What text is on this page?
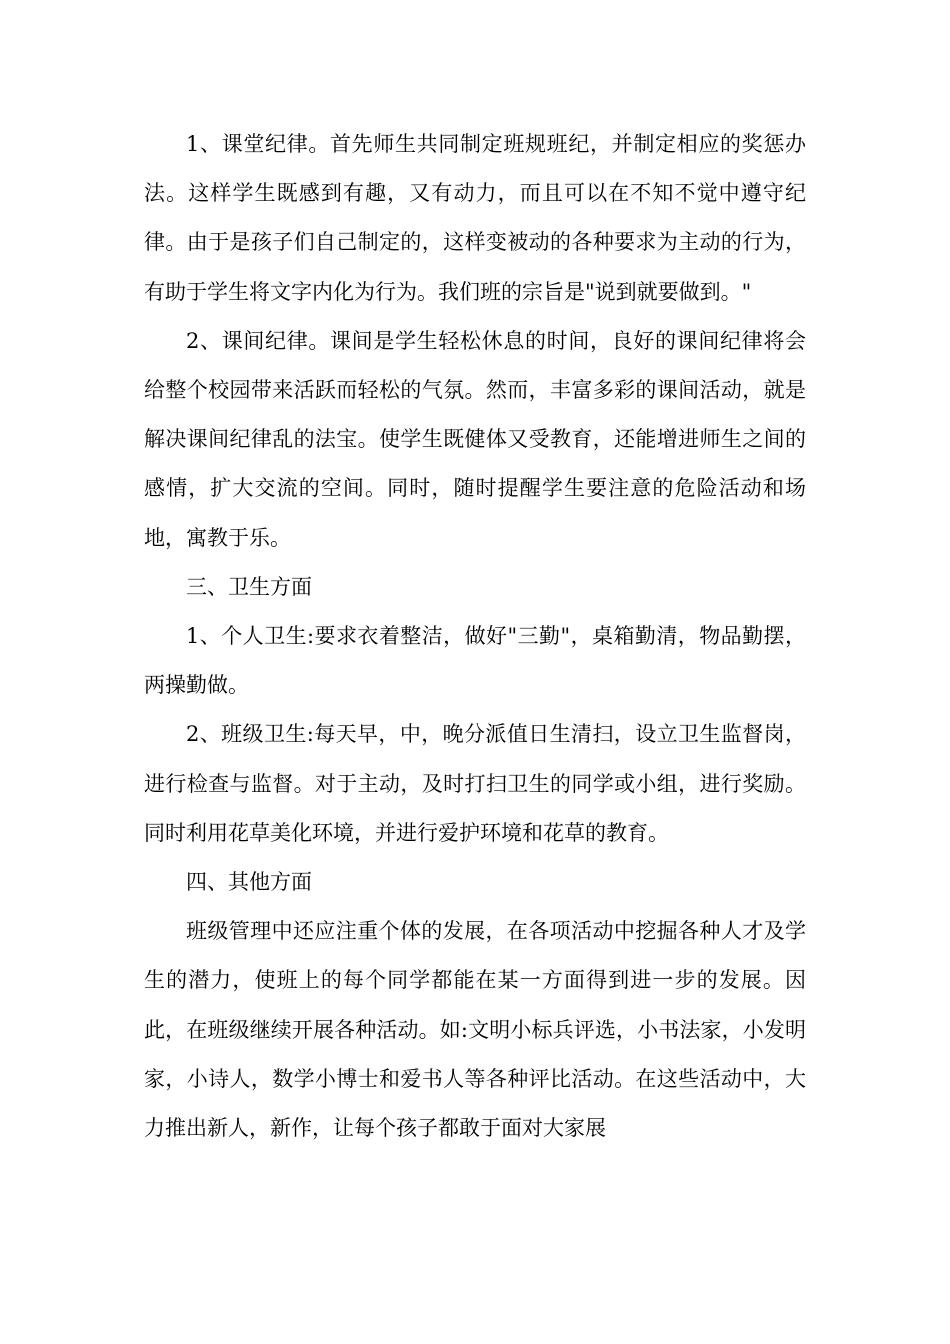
1、课堂纪律。首先师生共同制定班规班纪，并制定相应的奖惩办法。这样学生既感到有趣，又有动力，而且可以在不知不觉中遵守纪律。由于是孩子们自己制定的，这样变被动的各种要求为主动的行为，有助于学生将文字内化为行为。我们班的宗旨是"说到就要做到。"

2、课间纪律。课间是学生轻松休息的时间，良好的课间纪律将会给整个校园带来活跃而轻松的气氛。然而，丰富多彩的课间活动，就是解决课间纪律乱的法宝。使学生既健体又受教育，还能增进师生之间的感情，扩大交流的空间。同时，随时提醒学生要注意的危险活动和场地，寓教于乐。

三、卫生方面

1、个人卫生:要求衣着整洁，做好"三勤"，桌箱勤清，物品勤摆，两操勤做。

2、班级卫生:每天早，中，晚分派值日生清扫，设立卫生监督岗，进行检查与监督。对于主动，及时打扫卫生的同学或小组，进行奖励。同时利用花草美化环境，并进行爱护环境和花草的教育。

四、其他方面

班级管理中还应注重个体的发展，在各项活动中挖掘各种人才及学生的潜力，使班上的每个同学都能在某一方面得到进一步的发展。因此，在班级继续开展各种活动。如:文明小标兵评选，小书法家，小发明家，小诗人，数学小博士和爱书人等各种评比活动。在这些活动中，大力推出新人，新作，让每个孩子都敢于面对大家展
